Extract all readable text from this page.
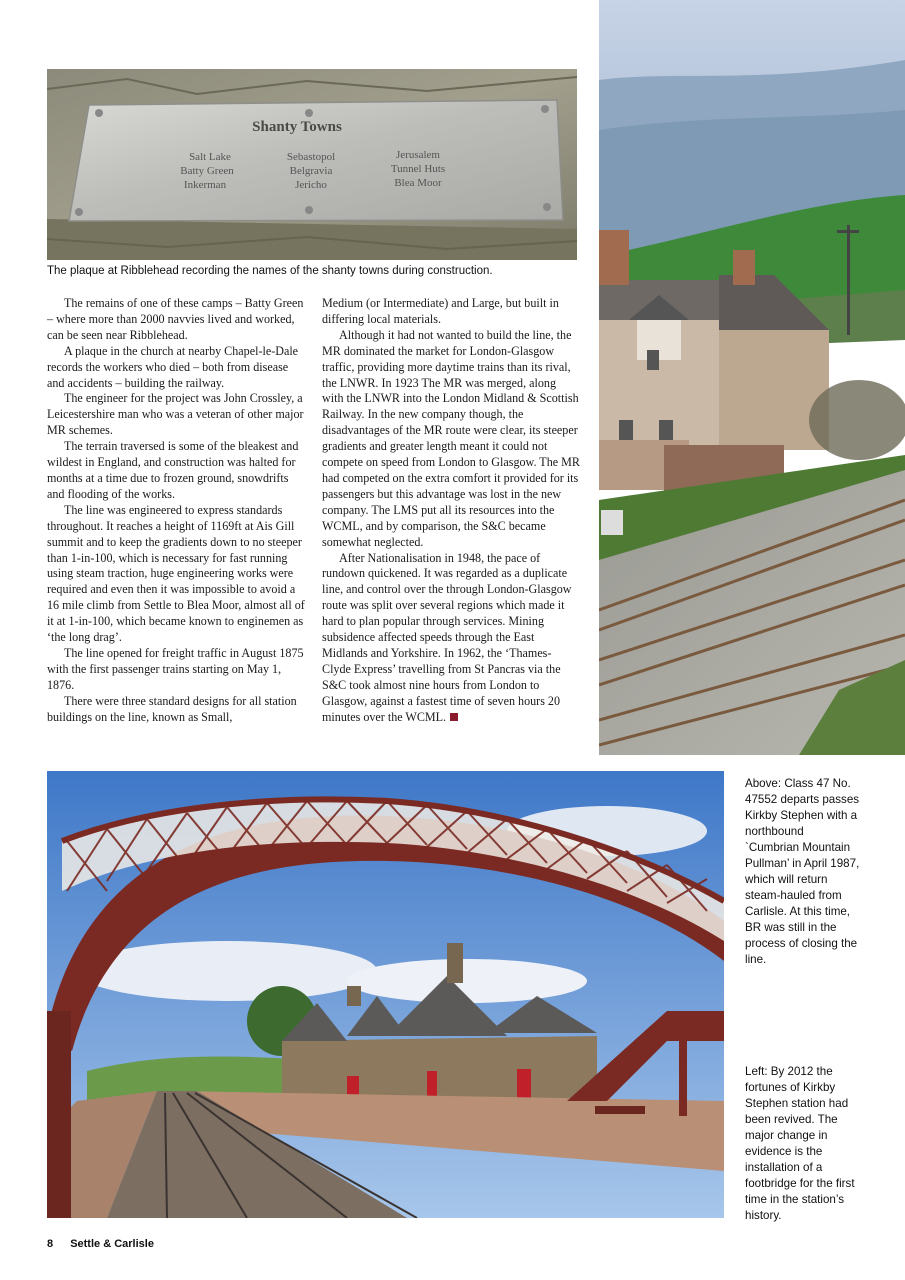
Shanty Towns
Salt Lake
Batty Green
Inkerman
Sebastopol
Belgravia
Jericho
Jerusalem
Tunnel Huts
Blea Moor
The plaque at Ribblehead recording the names of the shanty towns during construction.

The remains of one of these camps – Batty Green – where more than 2000 navvies lived and worked, can be seen near Ribblehead.

A plaque in the church at nearby Chapel-le-Dale records the workers who died – both from disease and accidents – building the railway.

The engineer for the project was John Crossley, a Leicestershire man who was a veteran of other major MR schemes.

The terrain traversed is some of the bleakest and wildest in England, and construction was halted for months at a time due to frozen ground, snowdrifts and flooding of the works.

The line was engineered to express standards throughout. It reaches a height of 1169ft at Ais Gill summit and to keep the gradients down to no steeper than 1-in-100, which is necessary for fast running using steam traction, huge engineering works were required and even then it was impossible to avoid a 16 mile climb from Settle to Blea Moor, almost all of it at 1-in-100, which became known to enginemen as ‘the long drag’.

The line opened for freight traffic in August 1875 with the first passenger trains starting on May 1, 1876.

There were three standard designs for all station buildings on the line, known as Small,

Medium (or Intermediate) and Large, but built in differing local materials.

Although it had not wanted to build the line, the MR dominated the market for London-Glasgow traffic, providing more daytime trains than its rival, the LNWR. In 1923 The MR was merged, along with the LNWR into the London Midland & Scottish Railway. In the new company though, the disadvantages of the MR route were clear, its steeper gradients and greater length meant it could not compete on speed from London to Glasgow. The MR had competed on the extra comfort it provided for its passengers but this advantage was lost in the new company. The LMS put all its resources into the WCML, and by comparison, the S&C became somewhat neglected.

After Nationalisation in 1948, the pace of rundown quickened. It was regarded as a duplicate line, and control over the through London-Glasgow route was split over several regions which made it hard to plan popular through services. Mining subsidence affected speeds through the East Midlands and Yorkshire. In 1962, the ‘Thames-Clyde Express’ travelling from St Pancras via the S&C took almost nine hours from London to Glasgow, against a fastest time of seven hours 20 minutes over the WCML.

Above: Class 47 No. 47552 departs passes Kirkby Stephen with a northbound `Cumbrian Mountain Pullman’ in April 1987, which will return steam-hauled from Carlisle. At this time, BR was still in the process of closing the line.
Left: By 2012 the fortunes of Kirkby Stephen station had been revived. The major change in evidence is the installation of a footbridge for the first time in the station’s history.
8 Settle & Carlisle
